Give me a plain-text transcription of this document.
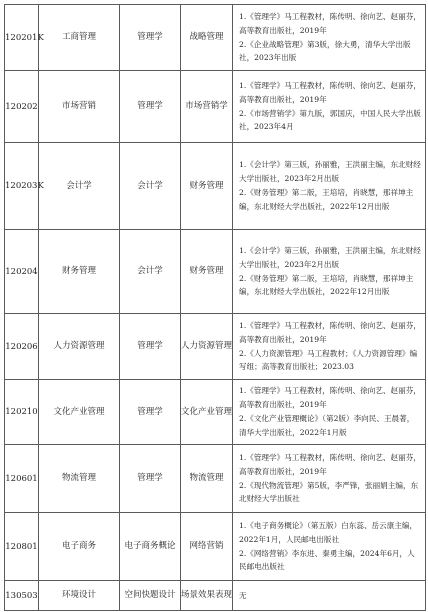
120201K	工商管理	管理学	战略管理	1.《管理学》马工程教材，陈传明、徐向艺、赵丽芬，高等教育出版社，2019年
2.《企业战略管理》第3版，徐大勇，清华大学出版社，2023年出版

120202	市场营销	管理学	市场营销学	1.《管理学》马工程教材，陈传明、徐向艺、赵丽芬，高等教育出版社，2019年
2.《市场营销学》第九版，郭国庆，中国人民大学出版社，2023年4月

120203K	会计学	会计学	财务管理	1.《会计学》第三版，孙丽雅，王洪丽主编，东北财经大学出版社，2023年2月出版
2.《财务管理》第二版，王培培，肖晓慧，那祥坤主编，东北财经大学出版社，2022年12月出版

120204	财务管理	会计学	财务管理	1.《会计学》第三版，孙丽雅，王洪丽主编，东北财经大学出版社，2023年2月出版
2.《财务管理》第二版，王培培，肖晓慧，那祥坤主编，东北财经大学出版社，2022年12月出版

120206	人力资源管理	管理学	人力资源管理	1.《管理学》马工程教材，陈传明、徐向艺、赵丽芬，高等教育出版社，2019年
2.《人力资源管理》马工程教材；《人力资源管理》编写组；高等教育出版社；2023.03

120210	文化产业管理	管理学	文化产业管理	1.《管理学》马工程教材，陈传明、徐向艺、赵丽芬，高等教育出版社，2019年
2.《文化产业管理概论》（第2版）李向民、王晨著，清华大学出版社，2022年1月版

120601	物流管理	管理学	物流管理	1.《管理学》马工程教材，陈传明、徐向艺、赵丽芬，高等教育出版社，2019年
2.《现代物流管理》第5版，李严锋，张丽娟主编，东北财经大学出版社

120801	电子商务	电子商务概论	网络营销	1.《电子商务概论》（第五版）白东蕊、岳云康主编，2022年1月，人民邮电出版社
2.《网络营销》李东进、秦勇主编，2024年6月，人民邮电出版社

130503	环境设计	空间快题设计	场景效果表现	无
